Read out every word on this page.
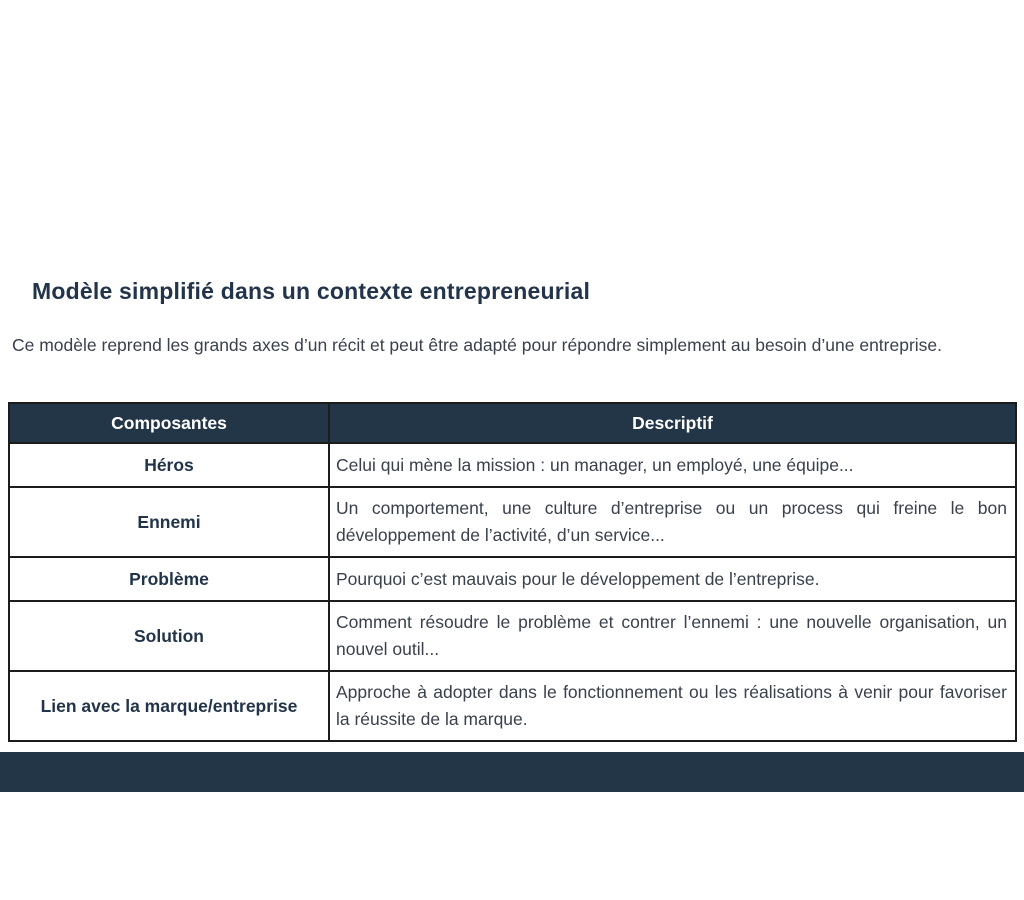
Modèle simplifié dans un contexte entrepreneurial

Ce modèle reprend les grands axes d’un récit et peut être adapté pour répondre simplement au besoin d’une entreprise.

Composantes	Descriptif
Héros	Celui qui mène la mission : un manager, un employé, une équipe...
Ennemi	Un comportement, une culture d’entreprise ou un process qui freine le bon développement de l’activité, d’un service...
Problème	Pourquoi c’est mauvais pour le développement de l’entreprise.
Solution	Comment résoudre le problème et contrer l’ennemi : une nouvelle organisation, un nouvel outil...
Lien avec la marque/entreprise	Approche à adopter dans le fonctionnement ou les réalisations à venir pour favoriser la réussite de la marque.
